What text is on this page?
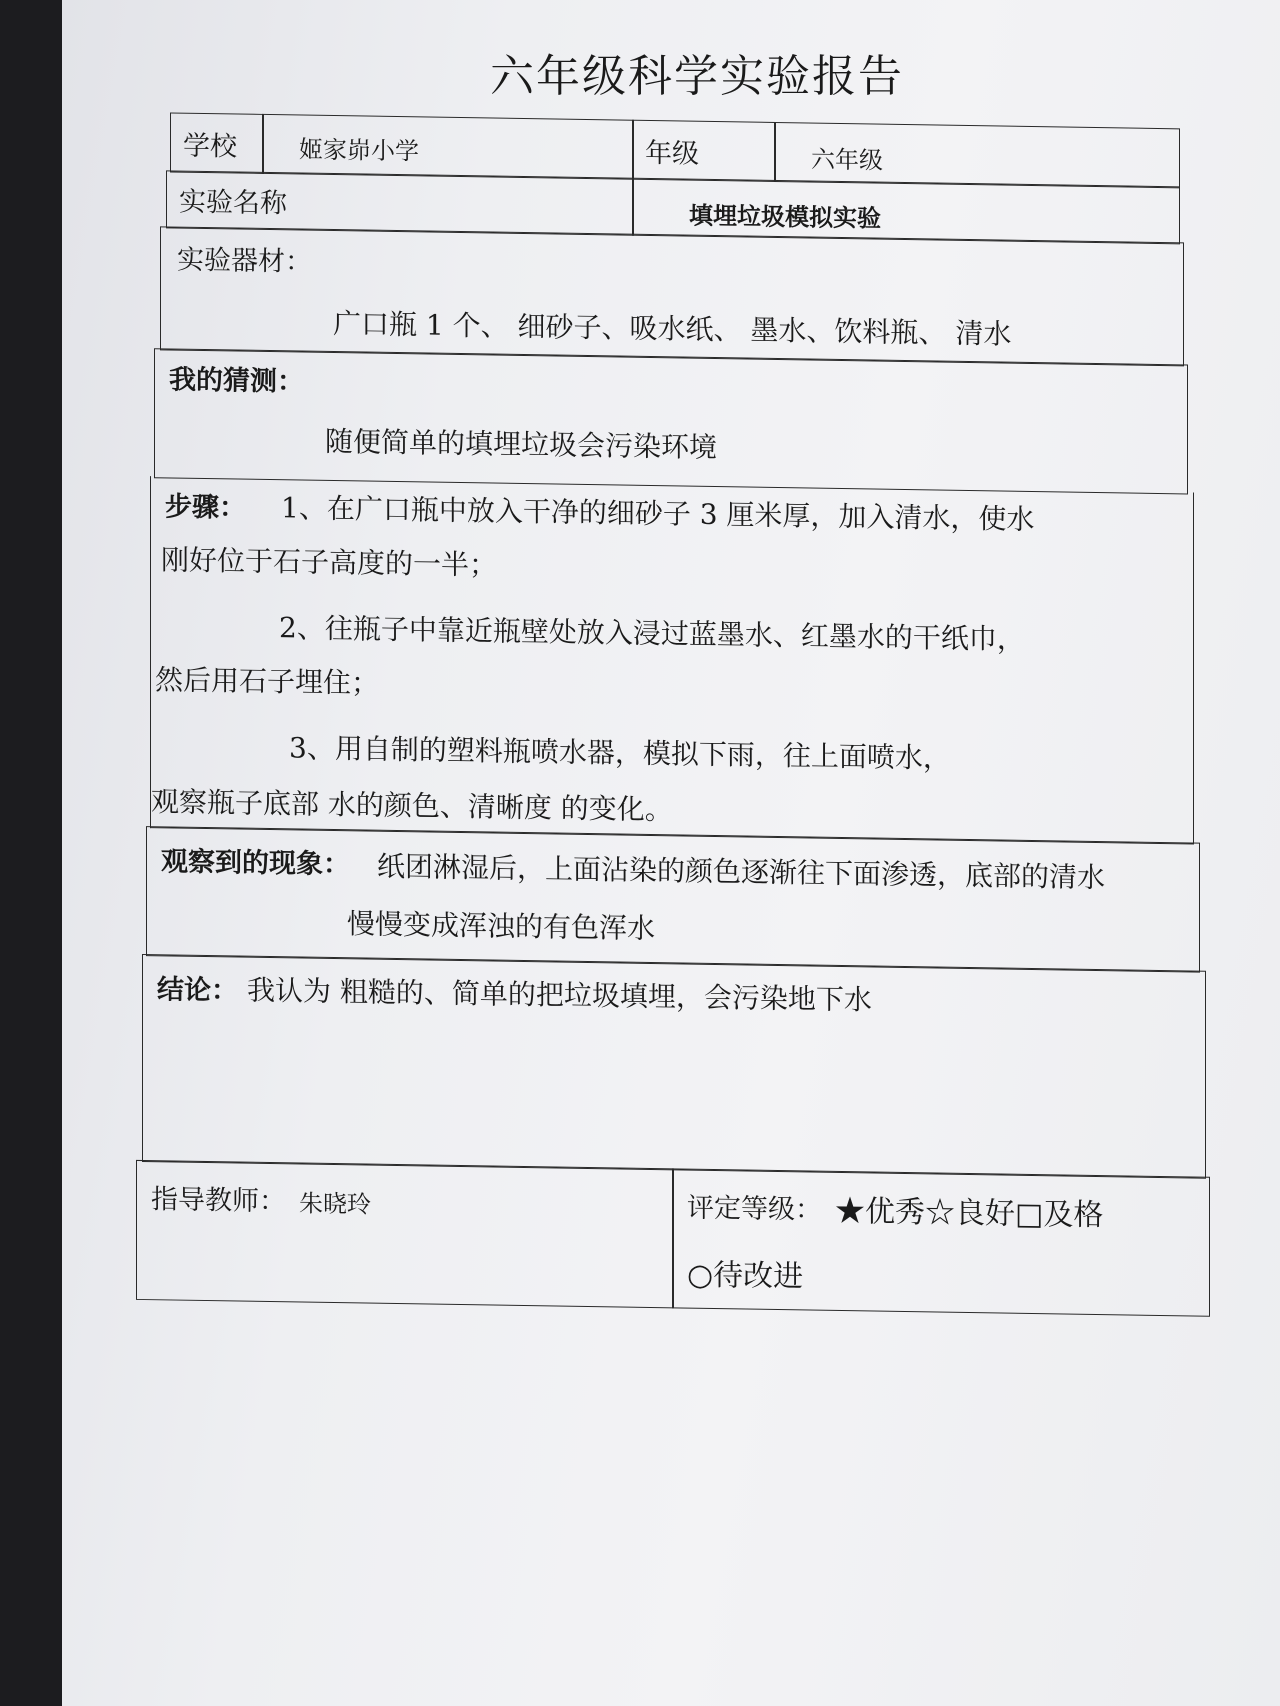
六年级科学实验报告
学校	姬家峁小学	年级	六年级
实验名称	填埋垃圾模拟实验
实验器材：
广口瓶 1 个、 细砂子、吸水纸、 墨水、饮料瓶、 清水
我的猜测：
随便简单的填埋垃圾会污染环境
步骤： 1、在广口瓶中放入干净的细砂子 3 厘米厚，加入清水，使水
刚好位于石子高度的一半；
2、往瓶子中靠近瓶壁处放入浸过蓝墨水、红墨水的干纸巾，
然后用石子埋住；
3、用自制的塑料瓶喷水器，模拟下雨，往上面喷水，
观察瓶子底部 水的颜色、清晰度 的变化。
观察到的现象： 纸团淋湿后，上面沾染的颜色逐渐往下面渗透，底部的清水
慢慢变成浑浊的有色浑水
结论： 我认为 粗糙的、简单的把垃圾填埋，会污染地下水
指导教师： 朱晓玲	评定等级： ★优秀☆良好□及格
○待改进
